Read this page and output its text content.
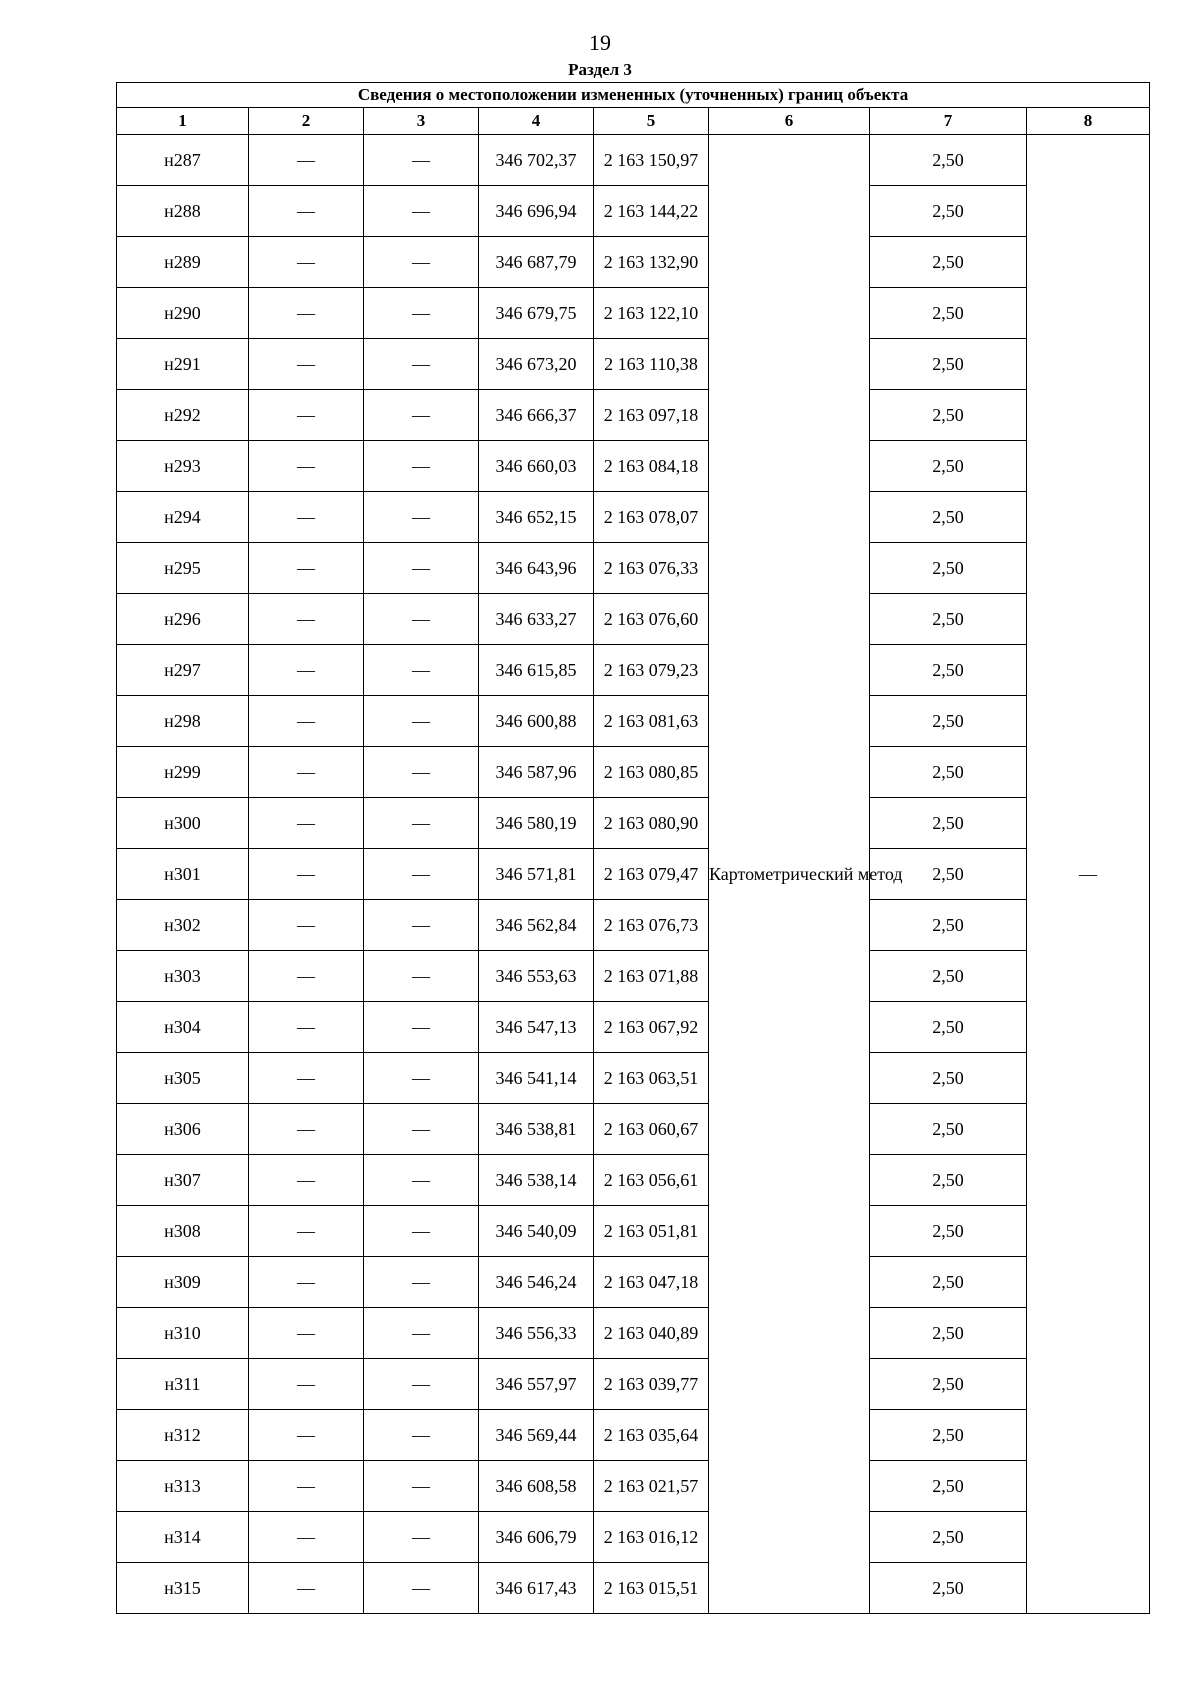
19
Раздел 3
Сведения о местоположении измененных (уточненных) границ объекта							
1	2	3	4	5	6	7	8
н287	—	—	346 702,37	2 163 150,97	Картометрический метод	2,50	—
н288	—	—	346 696,94	2 163 144,22		2,50	
н289	—	—	346 687,79	2 163 132,90		2,50	
н290	—	—	346 679,75	2 163 122,10		2,50	
н291	—	—	346 673,20	2 163 110,38		2,50	
н292	—	—	346 666,37	2 163 097,18		2,50	
н293	—	—	346 660,03	2 163 084,18		2,50	
н294	—	—	346 652,15	2 163 078,07		2,50	
н295	—	—	346 643,96	2 163 076,33		2,50	
н296	—	—	346 633,27	2 163 076,60		2,50	
н297	—	—	346 615,85	2 163 079,23		2,50	
н298	—	—	346 600,88	2 163 081,63		2,50	
н299	—	—	346 587,96	2 163 080,85		2,50	
н300	—	—	346 580,19	2 163 080,90		2,50	
н301	—	—	346 571,81	2 163 079,47		2,50	
н302	—	—	346 562,84	2 163 076,73		2,50	
н303	—	—	346 553,63	2 163 071,88		2,50	
н304	—	—	346 547,13	2 163 067,92		2,50	
н305	—	—	346 541,14	2 163 063,51		2,50	
н306	—	—	346 538,81	2 163 060,67		2,50	
н307	—	—	346 538,14	2 163 056,61		2,50	
н308	—	—	346 540,09	2 163 051,81		2,50	
н309	—	—	346 546,24	2 163 047,18		2,50	
н310	—	—	346 556,33	2 163 040,89		2,50	
н311	—	—	346 557,97	2 163 039,77		2,50	
н312	—	—	346 569,44	2 163 035,64		2,50	
н313	—	—	346 608,58	2 163 021,57		2,50	
н314	—	—	346 606,79	2 163 016,12		2,50	
н315	—	—	346 617,43	2 163 015,51		2,50	
